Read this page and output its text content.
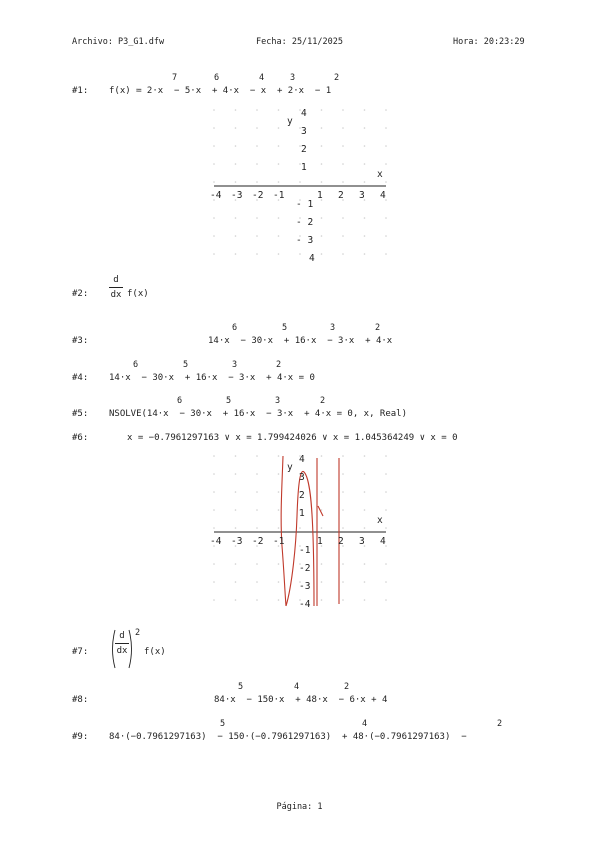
Archivo: P3_G1.dfw	Fecha: 25/11/2025	Hora: 20:23:29
#1: f(x) ≔ 2·x  − 5·x  + 4·x  − x  + 2·x  − 1
7	6	4	3	2
x
y
-4 -3 -2 -1	1 2 3 4
4
3
2
1
- 1
- 2
- 3
4
#2:
d
dx f(x)
#3:	14·x  − 30·x  + 16·x  − 3·x  + 4·x
6	5	3	2
#4: 14·x  − 30·x  + 16·x  − 3·x  + 4·x = 0
6	5	3	2
#5: NSOLVE(14·x  − 30·x  + 16·x  − 3·x  + 4·x = 0, x, Real)
6	5	3	2
#6:	x = −0.7961297163 ∨ x = 1.799424026 ∨ x = 1.045364249 ∨ x = 0
x
y
-4 -3 -2 -1	1 2 3 4
4
3
2
1
-1
-2
-3
-4
#7:
d
dx
2
f(x)
#8:	84·x  − 150·x  + 48·x  − 6·x + 4
5	4	2
#9: 84·(−0.7961297163)  − 150·(−0.7961297163)  + 48·(−0.7961297163)  −
5	4	2
Página: 1
